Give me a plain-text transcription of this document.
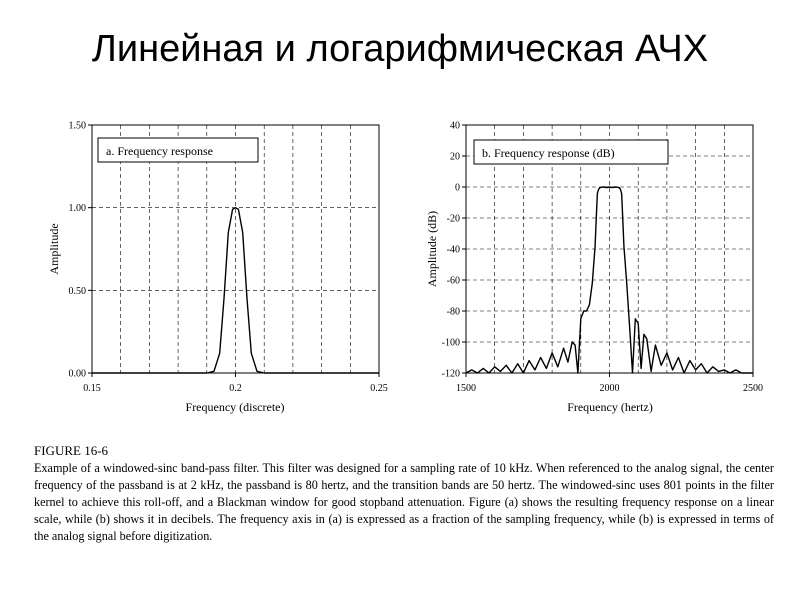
Линейная и логарифмическая АЧХ
0.00
0.50
1.00
1.50
0.15	0.2	0.25
a. Frequency response
Frequency (discrete)
Amplitude
40
20
0
-20
-40
-60
-80
-100
-120
1500	2000	2500
b. Frequency response (dB)
Frequency (hertz)
Amplitude (dB)
FIGURE 16-6
Example of a windowed-sinc band-pass filter. This filter was designed for a sampling rate of 10 kHz. When referenced to the analog signal, the center frequency of the passband is at 2 kHz, the passband is 80 hertz, and the transition bands are 50 hertz. The windowed-sinc uses 801 points in the filter kernel to achieve this roll-off, and a Blackman window for good stopband attenuation. Figure (a) shows the resulting frequency response on a linear scale, while (b) shows it in decibels. The frequency axis in (a) is expressed as a fraction of the sampling frequency, while (b) is expressed in terms of the analog signal before digitization.
